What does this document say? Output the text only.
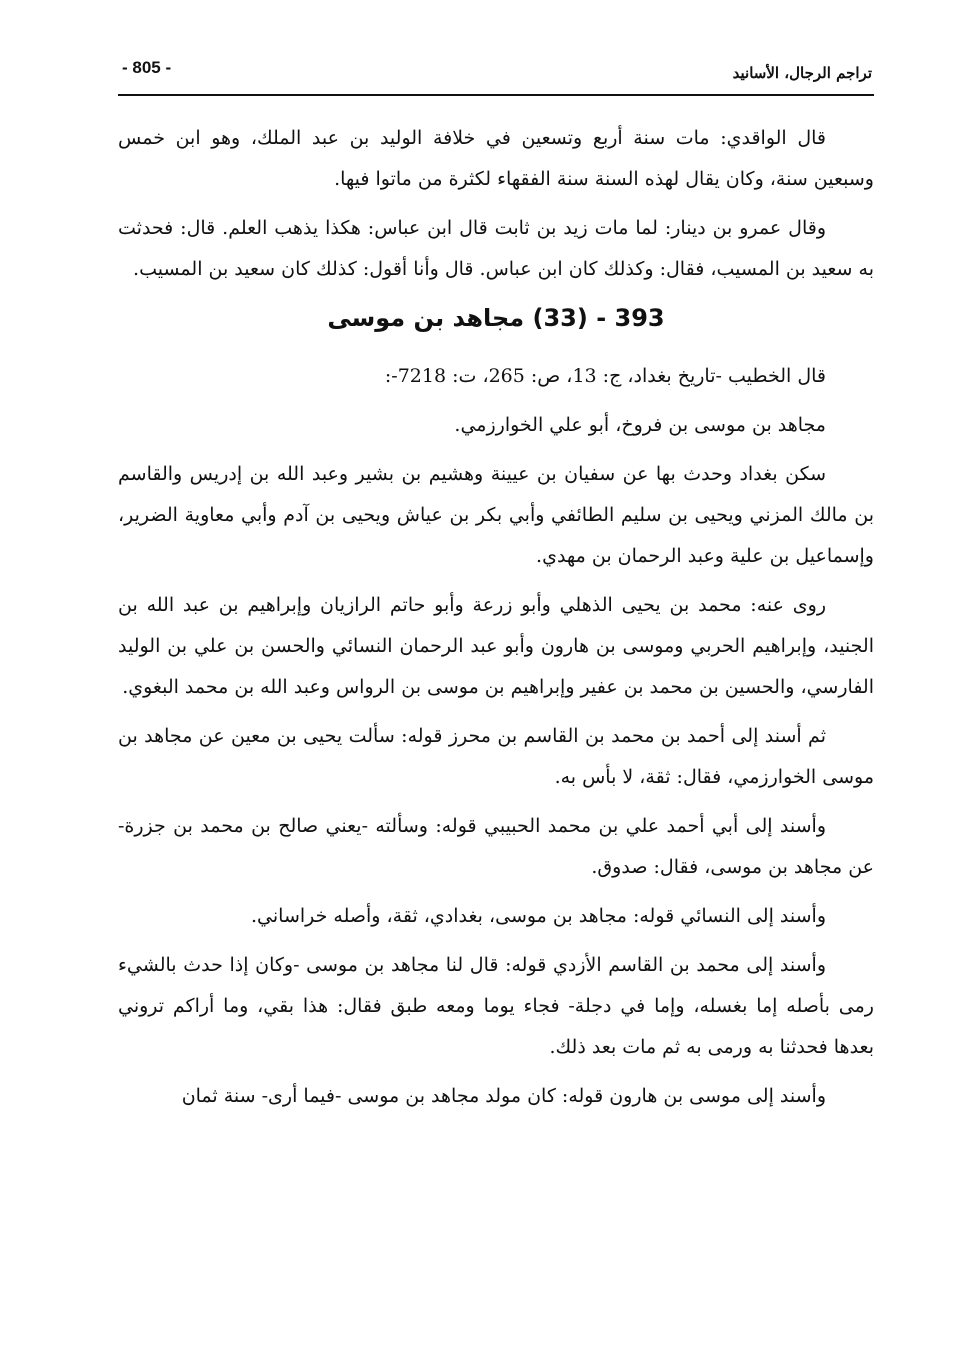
- 805 -	تراجم الرجال، الأسانيد

قال الواقدي: مات سنة أربع وتسعين في خلافة الوليد بن عبد الملك، وهو ابن خمس وسبعين سنة، وكان يقال لهذه السنة سنة الفقهاء لكثرة من ماتوا فيها.

وقال عمرو بن دينار: لما مات زيد بن ثابت قال ابن عباس: هكذا يذهب العلم. قال: فحدثت به سعيد بن المسيب، فقال: وكذلك كان ابن عباس. قال وأنا أقول: كذلك كان سعيد بن المسيب.

393 - (33) مجاهد بن موسى

قال الخطيب -تاريخ بغداد، ج: 13، ص: 265، ت: 7218-:

مجاهد بن موسى بن فروخ، أبو علي الخوارزمي.

سكن بغداد وحدث بها عن سفيان بن عيينة وهشيم بن بشير وعبد الله بن إدريس والقاسم بن مالك المزني ويحيى بن سليم الطائفي وأبي بكر بن عياش ويحيى بن آدم وأبي معاوية الضرير، وإسماعيل بن علية وعبد الرحمان بن مهدي.

روى عنه: محمد بن يحيى الذهلي وأبو زرعة وأبو حاتم الرازيان وإبراهيم بن عبد الله بن الجنيد، وإبراهيم الحربي وموسى بن هارون وأبو عبد الرحمان النسائي والحسن بن علي بن الوليد الفارسي، والحسين بن محمد بن عفير وإبراهيم بن موسى بن الرواس وعبد الله بن محمد البغوي.

ثم أسند إلى أحمد بن محمد بن القاسم بن محرز قوله: سألت يحيى بن معين عن مجاهد بن موسى الخوارزمي، فقال: ثقة، لا بأس به.

وأسند إلى أبي أحمد علي بن محمد الحبيبي قوله: وسألته -يعني صالح بن محمد بن جزرة- عن مجاهد بن موسى، فقال: صدوق.

وأسند إلى النسائي قوله: مجاهد بن موسى، بغدادي، ثقة، وأصله خراساني.

وأسند إلى محمد بن القاسم الأزدي قوله: قال لنا مجاهد بن موسى -وكان إذا حدث بالشيء رمى بأصله إما بغسله، وإما في دجلة- فجاء يوما ومعه طبق فقال: هذا بقي، وما أراكم تروني بعدها فحدثنا به ورمى به ثم مات بعد ذلك.

وأسند إلى موسى بن هارون قوله: كان مولد مجاهد بن موسى -فيما أرى- سنة ثمان
